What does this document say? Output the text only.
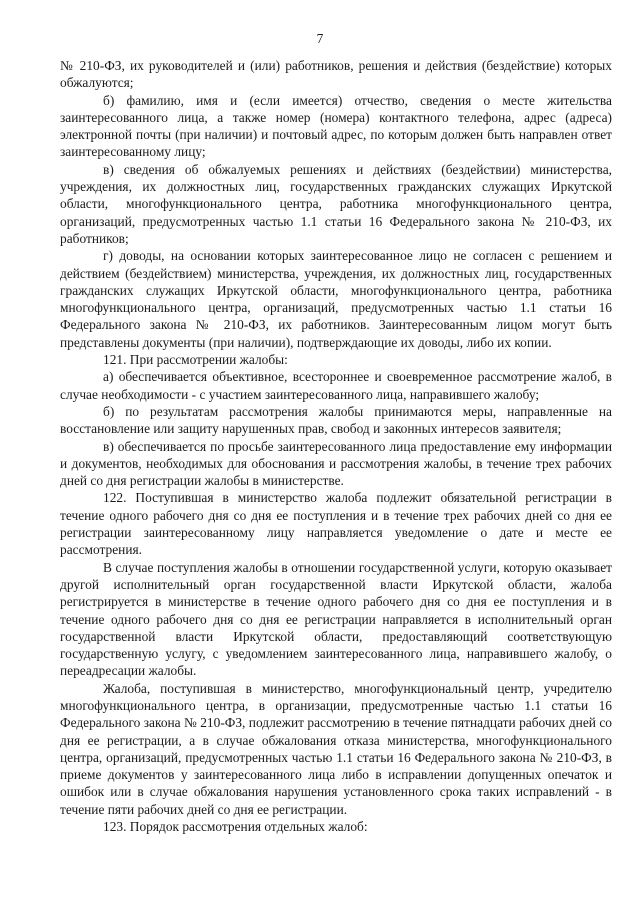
7

№ 210-ФЗ, их руководителей и (или) работников, решения и действия (бездействие) которых обжалуются;

б) фамилию, имя и (если имеется) отчество, сведения о месте жительства заинтересованного лица, а также номер (номера) контактного телефона, адрес (адреса) электронной почты (при наличии) и почтовый адрес, по которым должен быть направлен ответ заинтересованному лицу;

в) сведения об обжалуемых решениях и действиях (бездействии) министерства, учреждения, их должностных лиц, государственных гражданских служащих Иркутской области, многофункционального центра, работника многофункционального центра, организаций, предусмотренных частью 1.1 статьи 16 Федерального закона № 210-ФЗ, их работников;

г) доводы, на основании которых заинтересованное лицо не согласен с решением и действием (бездействием) министерства, учреждения, их должностных лиц, государственных гражданских служащих Иркутской области, многофункционального центра, работника многофункционального центра, организаций, предусмотренных частью 1.1 статьи 16 Федерального закона № 210-ФЗ, их работников. Заинтересованным лицом могут быть представлены документы (при наличии), подтверждающие их доводы, либо их копии.

121. При рассмотрении жалобы:

а) обеспечивается объективное, всестороннее и своевременное рассмотрение жалоб, в случае необходимости - с участием заинтересованного лица, направившего жалобу;

б) по результатам рассмотрения жалобы принимаются меры, направленные на восстановление или защиту нарушенных прав, свобод и законных интересов заявителя;

в) обеспечивается по просьбе заинтересованного лица предоставление ему информации и документов, необходимых для обоснования и рассмотрения жалобы, в течение трех рабочих дней со дня регистрации жалобы в министерстве.

122. Поступившая в министерство жалоба подлежит обязательной регистрации в течение одного рабочего дня со дня ее поступления и в течение трех рабочих дней со дня ее регистрации заинтересованному лицу направляется уведомление о дате и месте ее рассмотрения.

В случае поступления жалобы в отношении государственной услуги, которую оказывает другой исполнительный орган государственной власти Иркутской области, жалоба регистрируется в министерстве в течение одного рабочего дня со дня ее поступления и в течение одного рабочего дня со дня ее регистрации направляется в исполнительный орган государственной власти Иркутской области, предоставляющий соответствующую государственную услугу, с уведомлением заинтересованного лица, направившего жалобу, о переадресации жалобы.

Жалоба, поступившая в министерство, многофункциональный центр, учредителю многофункционального центра, в организации, предусмотренные частью 1.1 статьи 16 Федерального закона № 210-ФЗ, подлежит рассмотрению в течение пятнадцати рабочих дней со дня ее регистрации, а в случае обжалования отказа министерства, многофункционального центра, организаций, предусмотренных частью 1.1 статьи 16 Федерального закона № 210-ФЗ, в приеме документов у заинтересованного лица либо в исправлении допущенных опечаток и ошибок или в случае обжалования нарушения установленного срока таких исправлений - в течение пяти рабочих дней со дня ее регистрации.

123. Порядок рассмотрения отдельных жалоб:
